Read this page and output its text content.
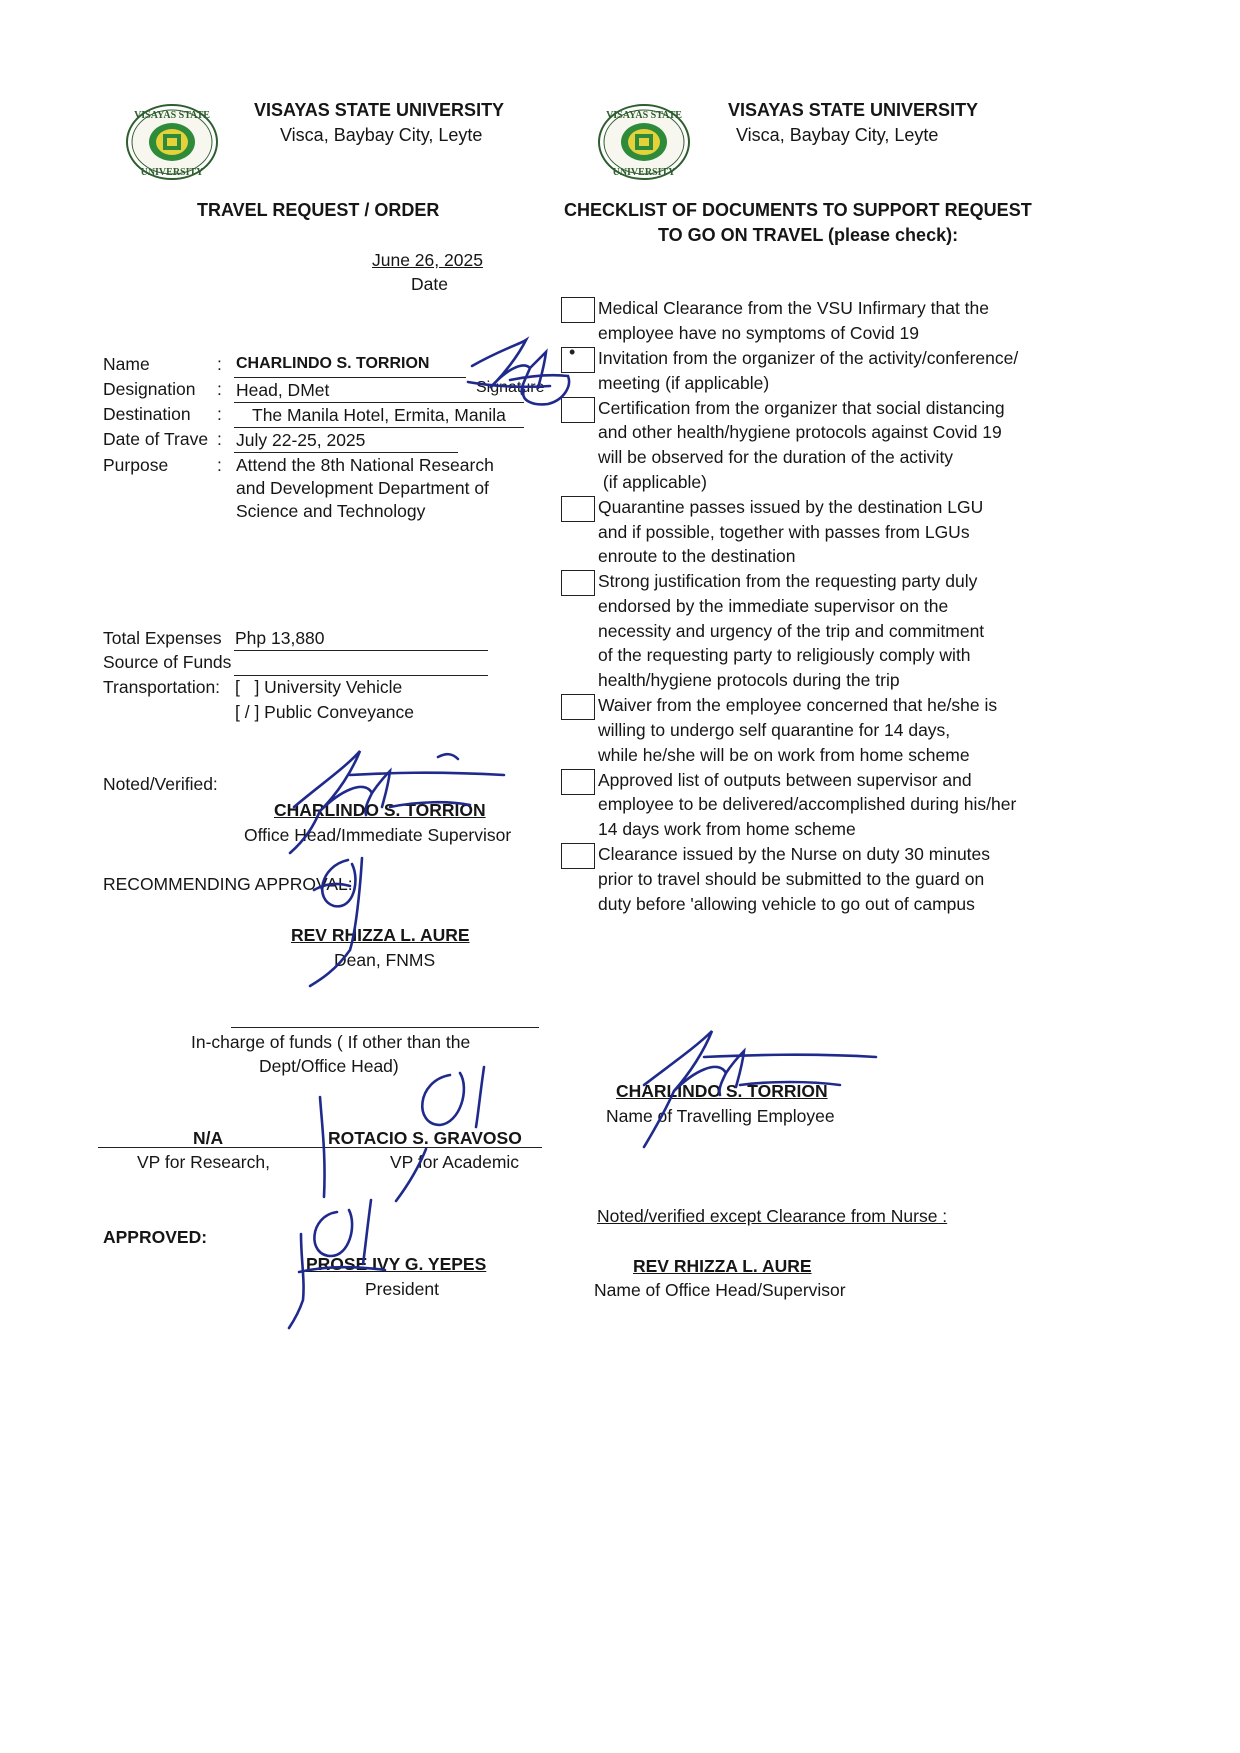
VISAYAS STATE
UNIVERSITY
VISAYAS STATE UNIVERSITY
Visca, Baybay City, Leyte
VISAYAS STATE
UNIVERSITY
VISAYAS STATE UNIVERSITY
Visca, Baybay City, Leyte
TRAVEL REQUEST / ORDER
June 26, 2025
Date
Name	: CHARLINDO S. TORRION
Signature
Designation : Head, DMet
Destination : The Manila Hotel, Ermita, Manila
Date of Trave : July 22-25, 2025
Purpose	: Attend the 8th National Research
and Development Department of
Science and Technology
Total Expenses Php 13,880
Source of Funds
Transportation: [   ] University Vehicle
[ / ] Public Conveyance
Noted/Verified:
CHARLINDO S. TORRION
Office Head/Immediate Supervisor
RECOMMENDING APPROVAL:
REV RHIZZA L. AURE
Dean, FNMS
In-charge of funds ( If other than the
Dept/Office Head)
N/A
VP for Research,
ROTACIO S. GRAVOSO
VP for Academic
APPROVED:
PROSE IVY G. YEPES
President
CHECKLIST OF DOCUMENTS TO SUPPORT REQUEST
TO GO ON TRAVEL (please check):
Medical Clearance from the VSU Infirmary that the
employee have no symptoms of Covid 19
• Invitation from the organizer of the activity/conference/
meeting (if applicable)
Certification from the organizer that social distancing
and other health/hygiene protocols against Covid 19
will be observed for the duration of the activity
(if applicable)
Quarantine passes issued by the destination LGU
and if possible, together with passes from LGUs
enroute to the destination
Strong justification from the requesting party duly
endorsed by the immediate supervisor on the
necessity and urgency of the trip and commitment
of the requesting party to religiously comply with
health/hygiene protocols during the trip
Waiver from the employee concerned that he/she is
willing to undergo self quarantine for 14 days,
while he/she will be on work from home scheme
Approved list of outputs between supervisor and
employee to be delivered/accomplished during his/her
14 days work from home scheme
Clearance issued by the Nurse on duty 30 minutes
prior to travel should be submitted to the guard on
duty before 'allowing vehicle to go out of campus
CHARLINDO S. TORRION
Name of Travelling Employee
Noted/verified except Clearance from Nurse :
REV RHIZZA L. AURE
Name of Office Head/Supervisor
